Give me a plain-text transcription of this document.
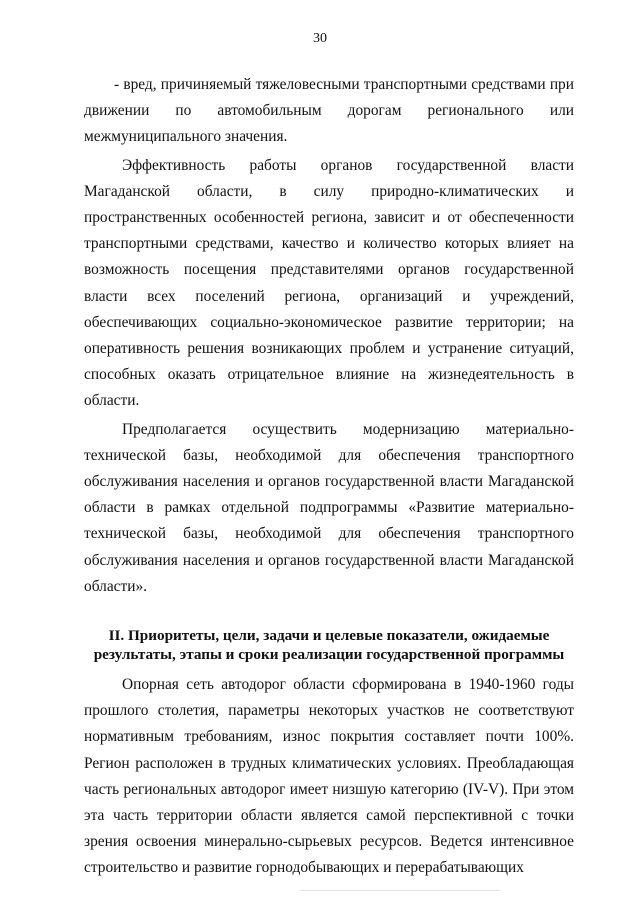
30

- вред, причиняемый тяжеловесными транспортными средствами при движении по автомобильным дорогам регионального или межмуниципального значения.

Эффективность работы органов государственной власти Магаданской области, в силу природно-климатических и пространственных особенностей региона, зависит и от обеспеченности транспортными средствами, качество и количество которых влияет на возможность посещения представителями органов государственной власти всех поселений региона, организаций и учреждений, обеспечивающих социально-экономическое развитие территории; на оперативность решения возникающих проблем и устранение ситуаций, способных оказать отрицательное влияние на жизнедеятельность в области.

Предполагается осуществить модернизацию материально-технической базы, необходимой для обеспечения транспортного обслуживания населения и органов государственной власти Магаданской области в рамках отдельной подпрограммы «Развитие материально-технической базы, необходимой для обеспечения транспортного обслуживания населения и органов государственной власти Магаданской области».

II. Приоритеты, цели, задачи и целевые показатели, ожидаемые
результаты, этапы и сроки реализации государственной программы

Опорная сеть автодорог области сформирована в 1940-1960 годы прошлого столетия, параметры некоторых участков не соответствуют нормативным требованиям, износ покрытия составляет почти 100%. Регион расположен в трудных климатических условиях. Преобладающая часть региональных автодорог имеет низшую категорию (IV-V). При этом эта часть территории области является самой перспективной с точки зрения освоения минерально-сырьевых ресурсов. Ведется интенсивное строительство и развитие горнодобывающих и перерабатывающих
